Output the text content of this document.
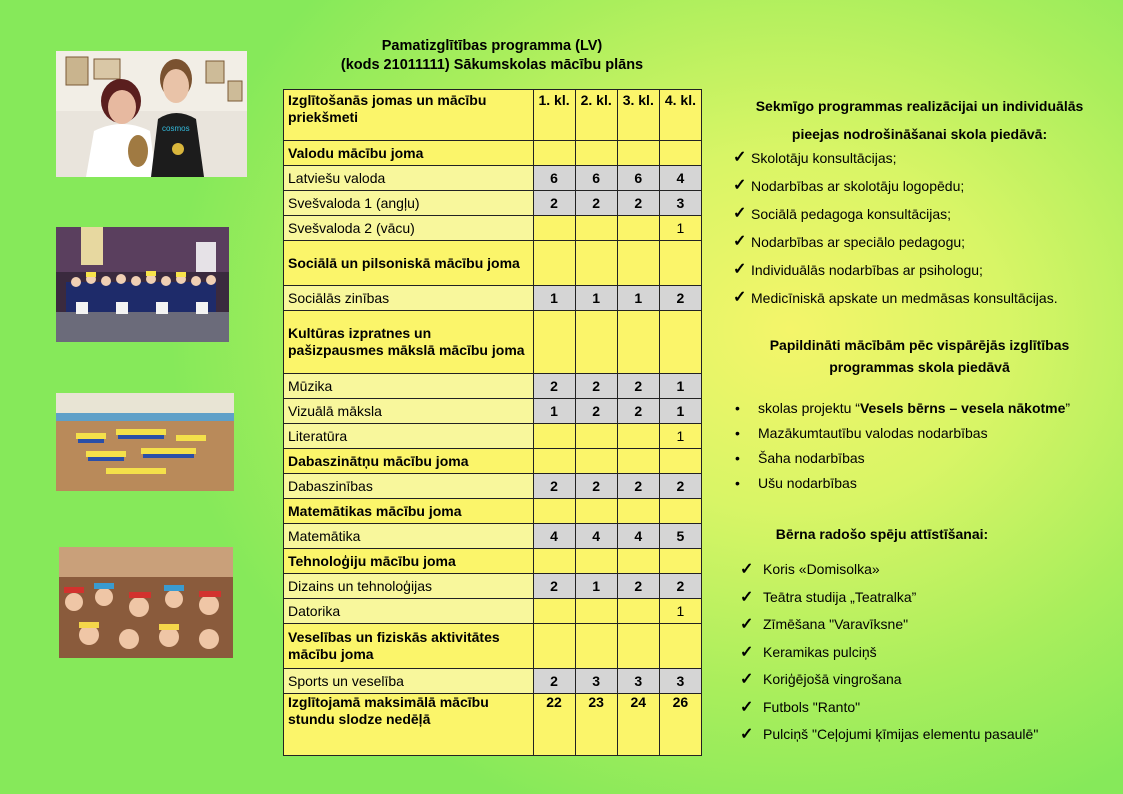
cosmos
Pamatizglītības programma (LV)
(kods 21011111) Sākumskolas mācību plāns
Izglītošanās jomas un mācību priekšmeti	1. kl.	2. kl.	3. kl.	4. kl.
Valodu mācību joma				
Latviešu valoda	6	6	6	4
Svešvaloda 1 (angļu)	2	2	2	3
Svešvaloda 2 (vācu)				1
Sociālā un pilsoniskā mācību joma				
Sociālās zinības	1	1	1	2
Kultūras izpratnes un pašizpausmes mākslā mācību joma				
Mūzika	2	2	2	1
Vizuālā māksla	1	2	2	1
Literatūra				1
Dabaszinātņu mācību joma				
Dabaszinības	2	2	2	2
Matemātikas mācību joma				
Matemātika	4	4	4	5
Tehnoloģiju mācību joma				
Dizains un tehnoloģijas	2	1	2	2
Datorika				1
Veselības un fiziskās aktivitātes mācību joma				
Sports un veselība	2	3	3	3
Izglītojamā maksimālā mācību stundu slodze nedēļā	22	23	24	26
Sekmīgo programmas realizācijai un individuālās
pieejas nodrošināšanai skola piedāvā:
✓ Skolotāju konsultācijas;
✓ Nodarbības ar skolotāju logopēdu;
✓ Sociālā pedagoga konsultācijas;
✓ Nodarbības ar speciālo pedagogu;
✓ Individuālās nodarbības ar psihologu;
✓ Medicīniskā apskate un medmāsas konsultācijas.
Papildināti mācībām pēc vispārējās izglītības
programmas skola piedāvā
• skolas projektu “Vesels bērns – vesela nākotme”
• Mazākumtautību valodas nodarbības
• Šaha nodarbības
• Ušu nodarbības
Bērna radošo spēju attīstīšanai:
✓ Koris «Domisolka»
✓ Teātra studija „Teatralka”
✓ Zīmēšana "Varavīksne"
✓ Keramikas pulciņš
✓ Koriģējošā vingrošana
✓ Futbols "Ranto"
✓ Pulciņš "Ceļojumi ķīmijas elementu pasaulē"
